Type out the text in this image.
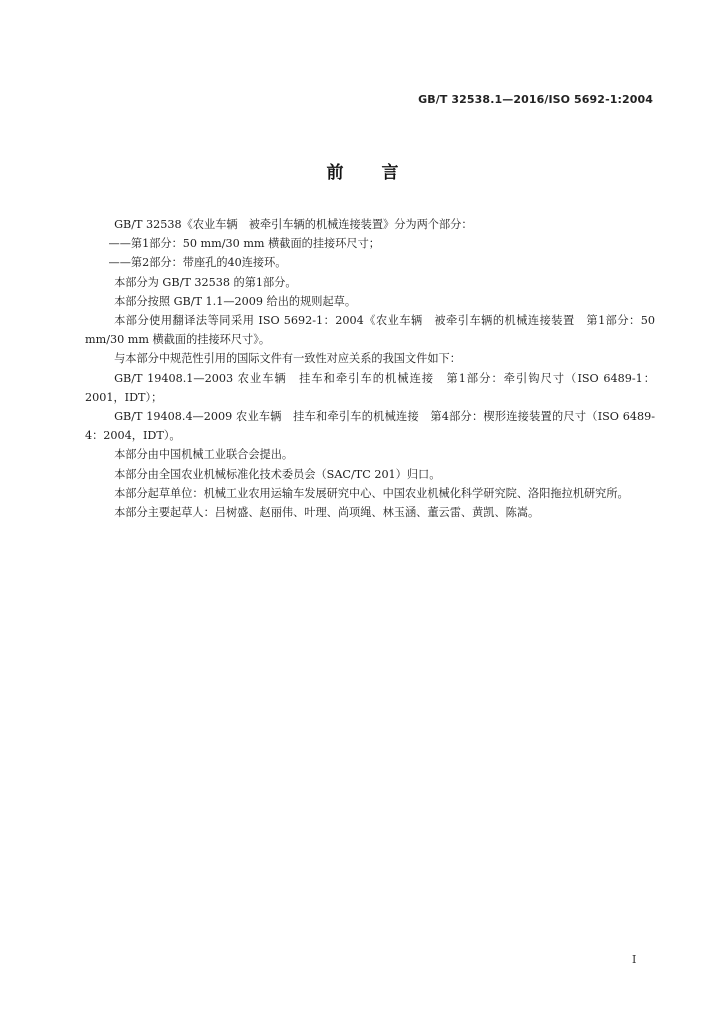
GB/T 32538.1—2016/ISO 5692-1:2004
前言

GB/T 32538《农业车辆　被牵引车辆的机械连接装置》分为两个部分：

——第1部分：50 mm/30 mm 横截面的挂接环尺寸；

——第2部分：带座孔的40连接环。

本部分为 GB/T 32538 的第1部分。

本部分按照 GB/T 1.1—2009 给出的规则起草。

本部分使用翻译法等同采用 ISO 5692-1：2004《农业车辆　被牵引车辆的机械连接装置　第1部分：50 mm/30 mm 横截面的挂接环尺寸》。

与本部分中规范性引用的国际文件有一致性对应关系的我国文件如下：

GB/T 19408.1—2003 农业车辆　挂车和牵引车的机械连接　第1部分：牵引钩尺寸（ISO 6489-1：2001，IDT）；

GB/T 19408.4—2009 农业车辆　挂车和牵引车的机械连接　第4部分：楔形连接装置的尺寸（ISO 6489-4：2004，IDT）。

本部分由中国机械工业联合会提出。

本部分由全国农业机械标准化技术委员会（SAC/TC 201）归口。

本部分起草单位：机械工业农用运输车发展研究中心、中国农业机械化科学研究院、洛阳拖拉机研究所。

本部分主要起草人：吕树盛、赵丽伟、叶理、尚项绳、林玉涵、董云雷、黄凯、陈嵩。

I
